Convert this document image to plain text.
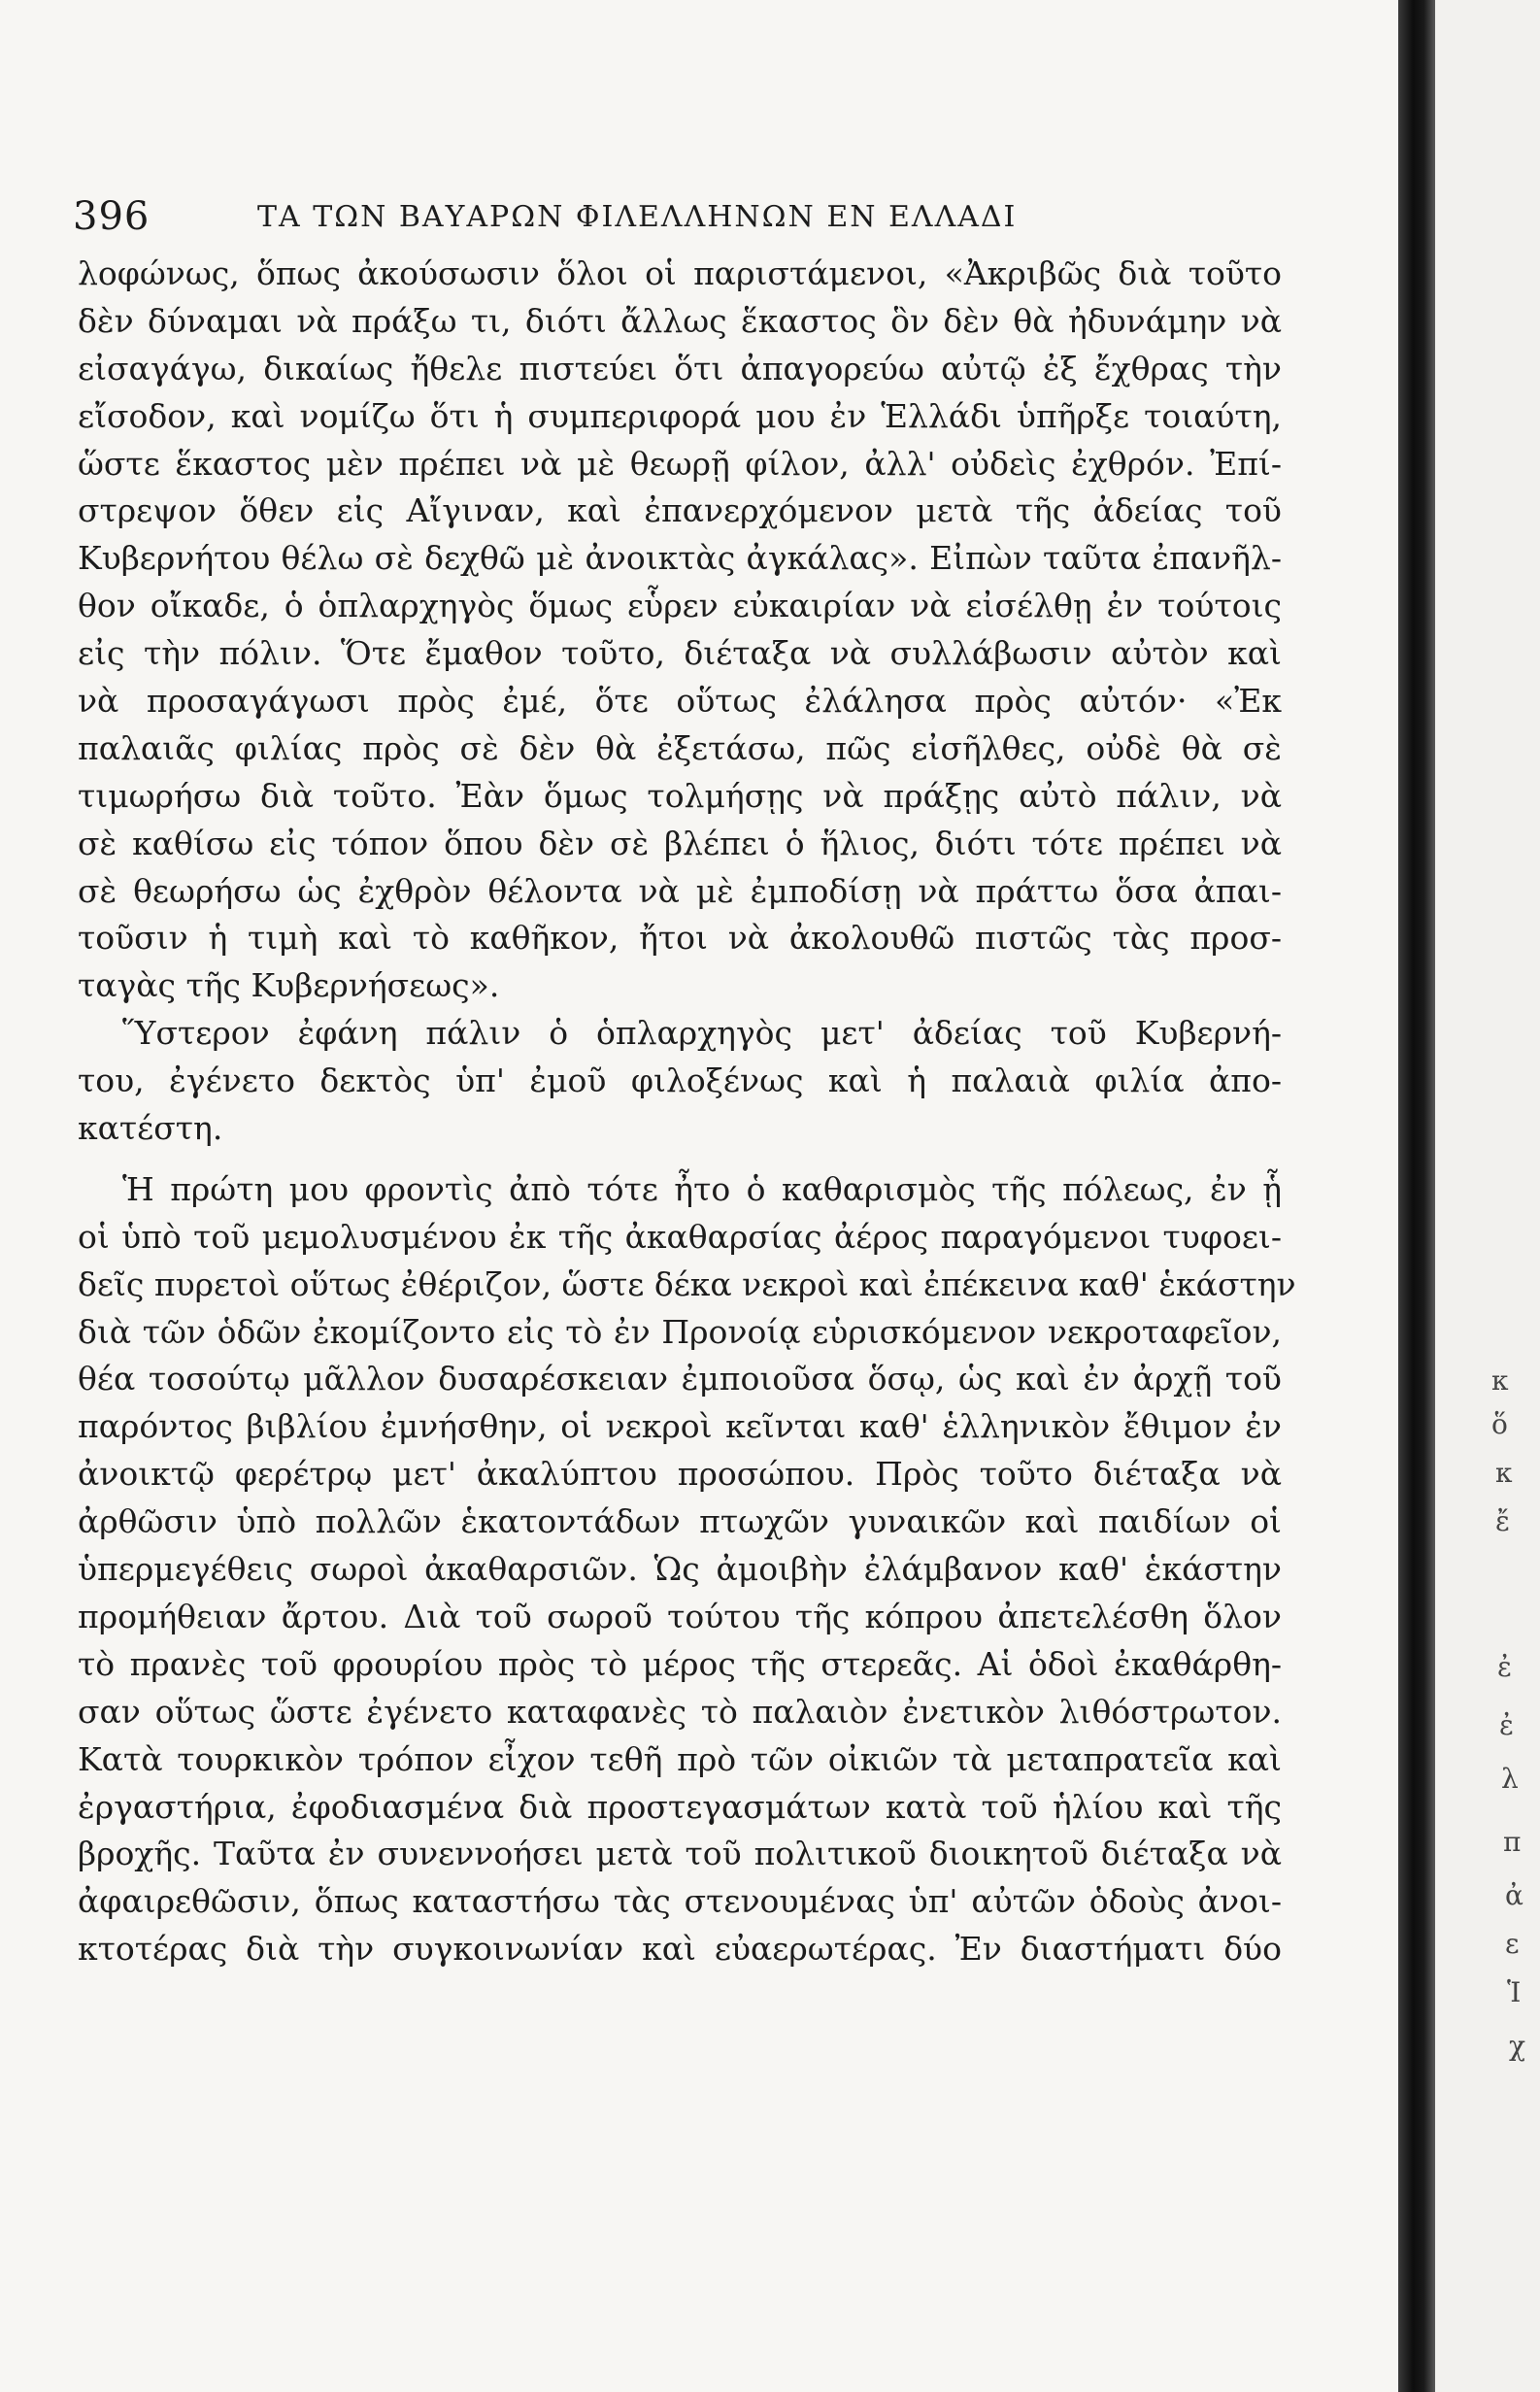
396	ΤΑ ΤΩΝ ΒΑΥΑΡΩΝ ΦΙΛΕΛΛΗΝΩΝ ΕΝ ΕΛΛΑΔΙ
λοφώνως, ὅπως ἀκούσωσιν ὅλοι οἱ παριστάμενοι, «Ἀκριβῶς διὰ τοῦτο
δὲν δύναμαι νὰ πράξω τι, διότι ἄλλως ἕκαστος ὃν δὲν θὰ ἠδυνάμην νὰ
εἰσαγάγω, δικαίως ἤθελε πιστεύει ὅτι ἀπαγορεύω αὐτῷ ἐξ ἔχθρας τὴν
εἴσοδον, καὶ νομίζω ὅτι ἡ συμπεριφορά μου ἐν Ἑλλάδι ὑπῆρξε τοιαύτη,
ὥστε ἕκαστος μὲν πρέπει νὰ μὲ θεωρῇ φίλον, ἀλλ' οὐδεὶς ἐχθρόν. Ἐπί-
στρεψον ὅθεν εἰς Αἴγιναν, καὶ ἐπανερχόμενον μετὰ τῆς ἀδείας τοῦ
Κυβερνήτου θέλω σὲ δεχθῶ μὲ ἀνοικτὰς ἀγκάλας». Εἰπὼν ταῦτα ἐπανῆλ-
θον οἴκαδε, ὁ ὁπλαρχηγὸς ὅμως εὗρεν εὐκαιρίαν νὰ εἰσέλθῃ ἐν τούτοις
εἰς τὴν πόλιν. Ὅτε ἔμαθον τοῦτο, διέταξα νὰ συλλάβωσιν αὐτὸν καὶ
νὰ προσαγάγωσι πρὸς ἐμέ, ὅτε οὕτως ἐλάλησα πρὸς αὐτόν· «Ἐκ
παλαιᾶς φιλίας πρὸς σὲ δὲν θὰ ἐξετάσω, πῶς εἰσῆλθες, οὐδὲ θὰ σὲ
τιμωρήσω διὰ τοῦτο. Ἐὰν ὅμως τολμήσῃς νὰ πράξῃς αὐτὸ πάλιν, νὰ
σὲ καθίσω εἰς τόπον ὅπου δὲν σὲ βλέπει ὁ ἥλιος, διότι τότε πρέπει νὰ
σὲ θεωρήσω ὡς ἐχθρὸν θέλοντα νὰ μὲ ἐμποδίσῃ νὰ πράττω ὅσα ἀπαι-
τοῦσιν ἡ τιμὴ καὶ τὸ καθῆκον, ἤτοι νὰ ἀκολουθῶ πιστῶς τὰς προσ-
ταγὰς τῆς Κυβερνήσεως».
Ὕστερον ἐφάνη πάλιν ὁ ὁπλαρχηγὸς μετ' ἀδείας τοῦ Κυβερνή-
του, ἐγένετο δεκτὸς ὑπ' ἐμοῦ φιλοξένως καὶ ἡ παλαιὰ φιλία ἀπο-
κατέστη.
Ἡ πρώτη μου φροντὶς ἀπὸ τότε ἦτο ὁ καθαρισμὸς τῆς πόλεως, ἐν ᾗ
οἱ ὑπὸ τοῦ μεμολυσμένου ἐκ τῆς ἀκαθαρσίας ἀέρος παραγόμενοι τυφοει-
δεῖς πυρετοὶ οὕτως ἐθέριζον, ὥστε δέκα νεκροὶ καὶ ἐπέκεινα καθ' ἑκάστην
διὰ τῶν ὁδῶν ἐκομίζοντο εἰς τὸ ἐν Προνοίᾳ εὑρισκόμενον νεκροταφεῖον,
θέα τοσούτῳ μᾶλλον δυσαρέσκειαν ἐμποιοῦσα ὅσῳ, ὡς καὶ ἐν ἀρχῇ τοῦ
παρόντος βιβλίου ἐμνήσθην, οἱ νεκροὶ κεῖνται καθ' ἑλληνικὸν ἔθιμον ἐν
ἀνοικτῷ φερέτρῳ μετ' ἀκαλύπτου προσώπου. Πρὸς τοῦτο διέταξα νὰ
ἀρθῶσιν ὑπὸ πολλῶν ἑκατοντάδων πτωχῶν γυναικῶν καὶ παιδίων οἱ
ὑπερμεγέθεις σωροὶ ἀκαθαρσιῶν. Ὡς ἀμοιβὴν ἐλάμβανον καθ' ἑκάστην
προμήθειαν ἄρτου. Διὰ τοῦ σωροῦ τούτου τῆς κόπρου ἀπετελέσθη ὅλον
τὸ πρανὲς τοῦ φρουρίου πρὸς τὸ μέρος τῆς στερεᾶς. Αἱ ὁδοὶ ἐκαθάρθη-
σαν οὕτως ὥστε ἐγένετο καταφανὲς τὸ παλαιὸν ἐνετικὸν λιθόστρωτον.
Κατὰ τουρκικὸν τρόπον εἶχον τεθῆ πρὸ τῶν οἰκιῶν τὰ μεταπρατεῖα καὶ
ἐργαστήρια, ἐφοδιασμένα διὰ προστεγασμάτων κατὰ τοῦ ἡλίου καὶ τῆς
βροχῆς. Ταῦτα ἐν συνεννοήσει μετὰ τοῦ πολιτικοῦ διοικητοῦ διέταξα νὰ
ἀφαιρεθῶσιν, ὅπως καταστήσω τὰς στενουμένας ὑπ' αὐτῶν ὁδοὺς ἀνοι-
κτοτέρας διὰ τὴν συγκοινωνίαν καὶ εὐαερωτέρας. Ἐν διαστήματι δύο
κ
ὅ
κ
ἔ
ἐ
ἐ
λ
π
ἀ
ε
Ἱ
χ
